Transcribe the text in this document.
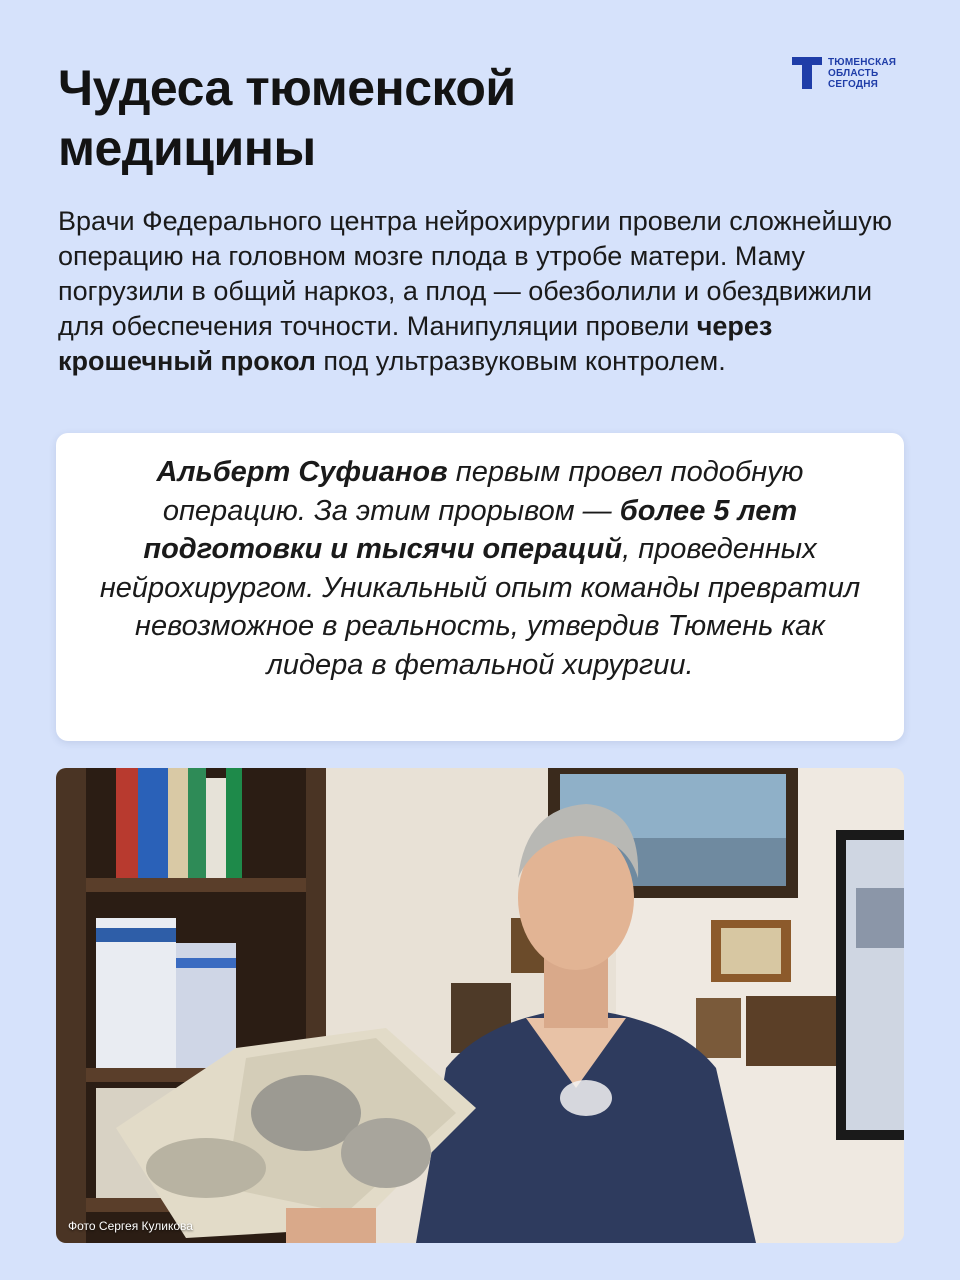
Чудеса тюменской
медицины
ТЮМЕНСКАЯ
ОБЛАСТЬ
СЕГОДНЯ
Врачи Федерального центра нейрохирургии провели сложнейшую операцию на головном мозге плода в утробе матери. Маму погрузили в общий наркоз, а плод — обезболили и обездвижили для обеспечения точности. Манипуляции провели через крошечный прокол под ультразвуковым контролем.
Альберт Суфианов первым провел подобную операцию. За этим прорывом — более 5 лет подготовки и тысячи операций, проведенных нейрохирургом. Уникальный опыт команды превратил невозможное в реальность, утвердив Тюмень как лидера в фетальной хирургии.
Фото Сергея Куликова
